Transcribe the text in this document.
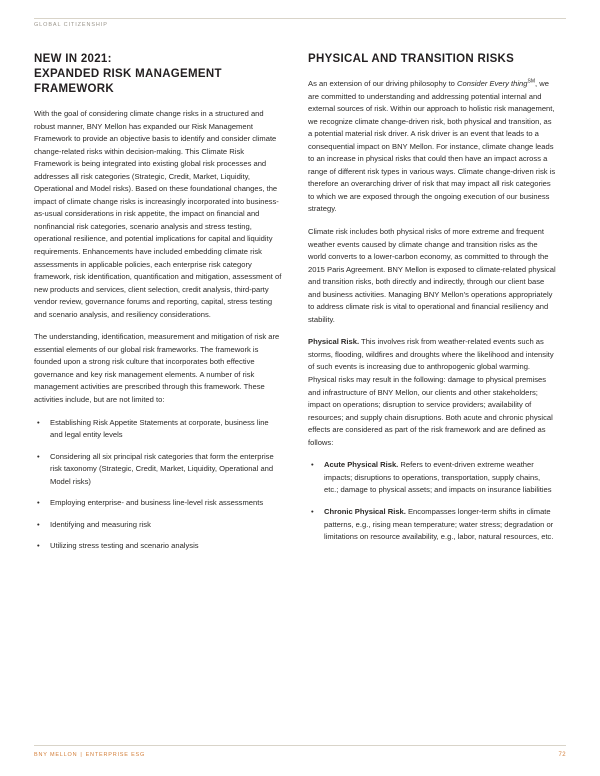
GLOBAL CITIZENSHIP
NEW IN 2021:
EXPANDED RISK MANAGEMENT
FRAMEWORK

With the goal of considering climate change risks in a structured and robust manner, BNY Mellon has expanded our Risk Management Framework to provide an objective basis to identify and consider climate change-related risks within decision-making. This Climate Risk Framework is being integrated into existing global risk processes and addresses all risk categories (Strategic, Credit, Market, Liquidity, Operational and Model risks). Based on these foundational changes, the impact of climate change risks is increasingly incorporated into business-as-usual considerations in risk appetite, the impact on financial and nonfinancial risk categories, scenario analysis and stress testing, operational resilience, and potential implications for capital and liquidity requirements. Enhancements have included embedding climate risk assessments in applicable policies, each enterprise risk category framework, risk identification, quantification and mitigation, assessment of new products and services, client selection, credit analysis, third-party vendor review, governance forums and reporting, capital, stress testing and scenario analysis, and resiliency considerations.

The understanding, identification, measurement and mitigation of risk are essential elements of our global risk frameworks. The framework is founded upon a strong risk culture that incorporates both effective governance and key risk management elements. A number of risk management activities are prescribed through this framework. These activities include, but are not limited to:

• Establishing Risk Appetite Statements at corporate, business line and legal entity levels
• Considering all six principal risk categories that form the enterprise risk taxonomy (Strategic, Credit, Market, Liquidity, Operational and Model risks)
• Employing enterprise- and business line-level risk assessments
• Identifying and measuring risk
• Utilizing stress testing and scenario analysis
PHYSICAL AND TRANSITION RISKS

As an extension of our driving philosophy to Consider Every thing℠, we are committed to understanding and addressing potential internal and external sources of risk. Within our approach to holistic risk management, we recognize climate change-driven risk, both physical and transition, as a potential material risk driver. A risk driver is an event that leads to a consequential impact on BNY Mellon. For instance, climate change leads to an increase in physical risks that could then have an impact across a range of different risk types in various ways. Climate change-driven risk is therefore an overarching driver of risk that may impact all risk categories to which we are exposed through the ongoing execution of our business strategy.

Climate risk includes both physical risks of more extreme and frequent weather events caused by climate change and transition risks as the world converts to a lower-carbon economy, as committed to through the 2015 Paris Agreement. BNY Mellon is exposed to climate-related physical and transition risks, both directly and indirectly, through our client base and business activities. Managing BNY Mellon's operations appropriately to address climate risk is vital to operational and financial resiliency and stability.

Physical Risk. This involves risk from weather-related events such as storms, flooding, wildfires and droughts where the likelihood and intensity of such events is increasing due to anthropogenic global warming. Physical risks may result in the following: damage to physical premises and infrastructure of BNY Mellon, our clients and other stakeholders; impact on operations; disruption to service providers; availability of resources; and supply chain disruptions. Both acute and chronic physical effects are considered as part of the risk framework and are defined as follows:

• Acute Physical Risk. Refers to event-driven extreme weather impacts; disruptions to operations, transportation, supply chains, etc.; damage to physical assets; and impacts on insurance liabilities
• Chronic Physical Risk. Encompasses longer-term shifts in climate patterns, e.g., rising mean temperature; water stress; degradation or limitations on resource availability, e.g., labor, natural resources, etc.
BNY MELLON | ENTERPRISE ESG	72
